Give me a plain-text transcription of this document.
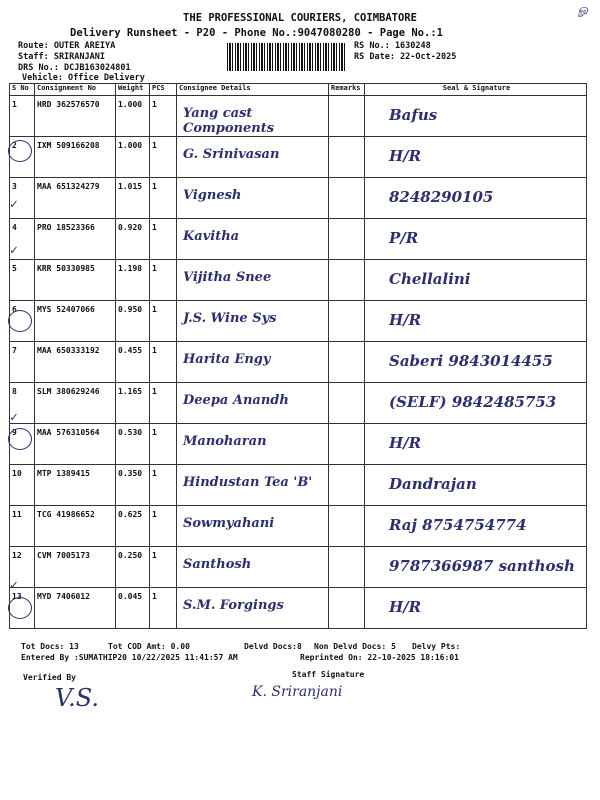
THE PROFESSIONAL COURIERS, COIMBATORE
Delivery Runsheet - P20 - Phone No.:9047080280 - Page No.:1
ௐ
Route: OUTER AREIYA
Staff: SRIRANJANI
DRS No.: DCJB163024801
Vehicle: Office Delivery
RS No.: 1630248
RS Date: 22-Oct-2025
S No	Consignment No	Weight	PCS	Consignee Details	Remarks	Seal & Signature

1	HRD 362576570	1.000	1	Yang cast Components		Bafus

2	IXM 509166208	1.000	1	G. Srinivasan		H/R

3	MAA 651324279	1.015	1	Vignesh		8248290105

4	PRO 18523366	0.920	1	Kavitha		P/R

5	KRR 50330985	1.198	1	Vijitha Snee		Chellalini

6	MYS 52407066	0.950	1	J.S. Wine Sys		H/R

7	MAA 650333192	0.455	1	Harita Engy		Saberi 9843014455

8	SLM 380629246	1.165	1	Deepa Anandh		(SELF) 9842485753

9	MAA 576310564	0.530	1	Manoharan		H/R

10	MTP 1389415	0.350	1	Hindustan Tea 'B'		Dandrajan

11	TCG 41986652	0.625	1	Sowmyahani		Raj 8754754774

12	CVM 7005173	0.250	1	Santhosh		9787366987 santhosh

13	MYD 7406012	0.045	1	S.M. Forgings		H/R
✓
✓
✓
✓
Tot Docs: 13	Tot COD Amt: 0.00	Delvd Docs:8 Non Delvd Docs: 5 Delvy Pts:
Entered By :SUMATHIP20 10/22/2025 11:41:57 AM	Reprinted On: 22-10-2025 18:16:01
Verified By	Staff Signature
V.S.	K. Sriranjani
